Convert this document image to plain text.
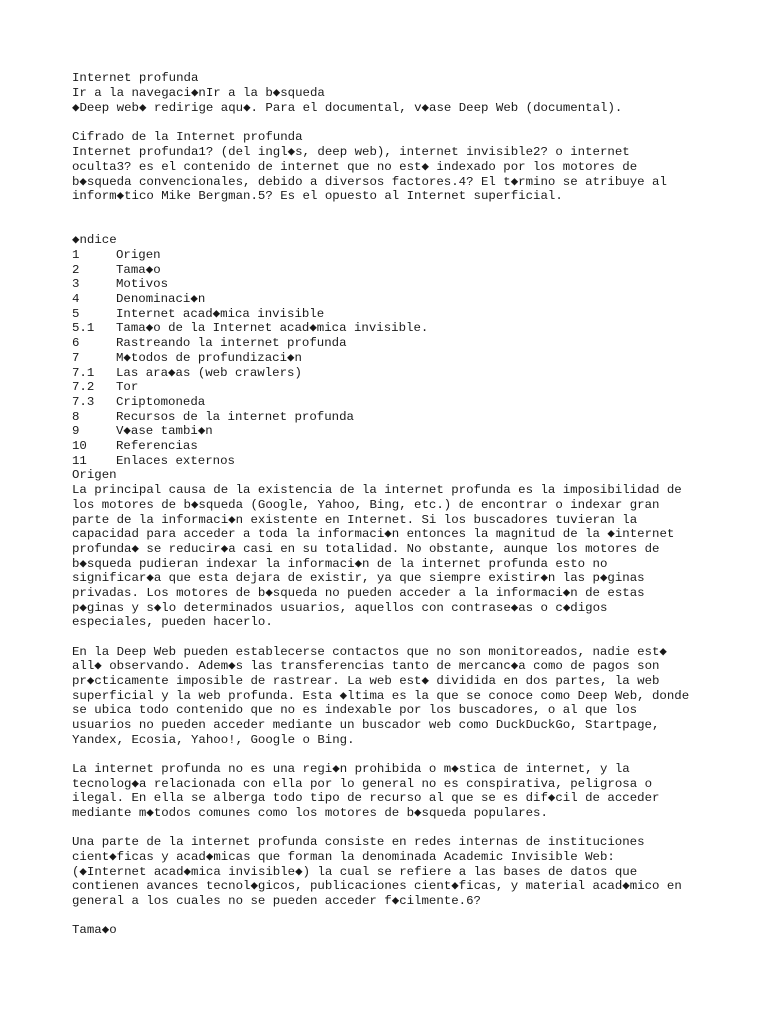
Internet profunda
Ir a la navegaci◆nIr a la b◆squeda
◆Deep web◆ redirige aqu◆. Para el documental, v◆ase Deep Web (documental).
Cifrado de la Internet profunda
Internet profunda1? (del ingl◆s, deep web), internet invisible2? o internet
oculta3? es el contenido de internet que no est◆ indexado por los motores de
b◆squeda convencionales, debido a diversos factores.4? El t◆rmino se atribuye al
inform◆tico Mike Bergman.5? Es el opuesto al Internet superficial.
◆ndice
1	Origen
2	Tama◆o
3	Motivos
4	Denominaci◆n
5	Internet acad◆mica invisible
5.1 Tama◆o de la Internet acad◆mica invisible.
6	Rastreando la internet profunda
7	M◆todos de profundizaci◆n
7.1 Las ara◆as (web crawlers)
7.2 Tor
7.3 Criptomoneda
8	Recursos de la internet profunda
9	V◆ase tambi◆n
10 Referencias
11 Enlaces externos
Origen
La principal causa de la existencia de la internet profunda es la imposibilidad de
los motores de b◆squeda (Google, Yahoo, Bing, etc.) de encontrar o indexar gran
parte de la informaci◆n existente en Internet. Si los buscadores tuvieran la
capacidad para acceder a toda la informaci◆n entonces la magnitud de la ◆internet
profunda◆ se reducir◆a casi en su totalidad. No obstante, aunque los motores de
b◆squeda pudieran indexar la informaci◆n de la internet profunda esto no
significar◆a que esta dejara de existir, ya que siempre existir◆n las p◆ginas
privadas. Los motores de b◆squeda no pueden acceder a la informaci◆n de estas
p◆ginas y s◆lo determinados usuarios, aquellos con contrase◆as o c◆digos
especiales, pueden hacerlo.
En la Deep Web pueden establecerse contactos que no son monitoreados, nadie est◆
all◆ observando. Adem◆s las transferencias tanto de mercanc◆a como de pagos son
pr◆cticamente imposible de rastrear. La web est◆ dividida en dos partes, la web
superficial y la web profunda. Esta ◆ltima es la que se conoce como Deep Web, donde
se ubica todo contenido que no es indexable por los buscadores, o al que los
usuarios no pueden acceder mediante un buscador web como DuckDuckGo, Startpage,
Yandex, Ecosia, Yahoo!, Google o Bing.
La internet profunda no es una regi◆n prohibida o m◆stica de internet, y la
tecnolog◆a relacionada con ella por lo general no es conspirativa, peligrosa o
ilegal. En ella se alberga todo tipo de recurso al que se es dif◆cil de acceder
mediante m◆todos comunes como los motores de b◆squeda populares.
Una parte de la internet profunda consiste en redes internas de instituciones
cient◆ficas y acad◆micas que forman la denominada Academic Invisible Web:
(◆Internet acad◆mica invisible◆) la cual se refiere a las bases de datos que
contienen avances tecnol◆gicos, publicaciones cient◆ficas, y material acad◆mico en
general a los cuales no se pueden acceder f◆cilmente.6?
Tama◆o
